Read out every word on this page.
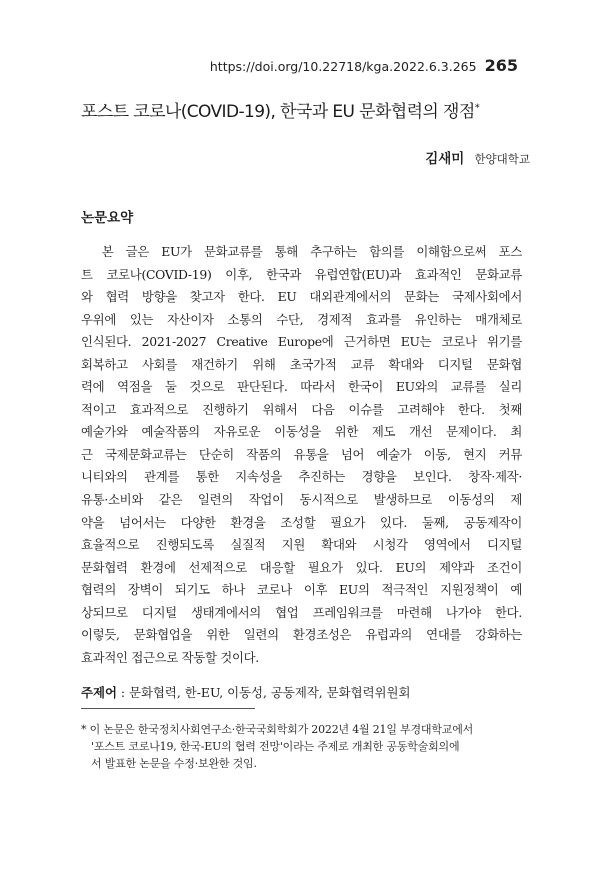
https://doi.org/10.22718/kga.2022.6.3.265 265
포스트 코로나(COVID-19), 한국과 EU 문화협력의 쟁점*
김새미 한양대학교
논문요약
　본 글은 EU가 문화교류를 통해 추구하는 함의를 이해함으로써 포스
트 코로나(COVID-19) 이후, 한국과 유럽연합(EU)과 효과적인 문화교류
와 협력 방향을 찾고자 한다. EU 대외관계에서의 문화는 국제사회에서
우위에 있는 자산이자 소통의 수단, 경제적 효과를 유인하는 매개체로
인식된다. 2021-2027 Creative Europe에 근거하면 EU는 코로나 위기를
회복하고 사회를 재건하기 위해 초국가적 교류 확대와 디지털 문화협
력에 역점을 둘 것으로 판단된다. 따라서 한국이 EU와의 교류를 실리
적이고 효과적으로 진행하기 위해서 다음 이슈를 고려해야 한다. 첫째
예술가와 예술작품의 자유로운 이동성을 위한 제도 개선 문제이다. 최
근 국제문화교류는 단순히 작품의 유통을 넘어 예술가 이동, 현지 커뮤
니티와의 관계를 통한 지속성을 추진하는 경향을 보인다. 창작·제작·
유통·소비와 같은 일련의 작업이 동시적으로 발생하므로 이동성의 제
약을 넘어서는 다양한 환경을 조성할 필요가 있다. 둘째, 공동제작이
효율적으로 진행되도록 실질적 지원 확대와 시청각 영역에서 디지털
문화협력 환경에 선제적으로 대응할 필요가 있다. EU의 제약과 조건이
협력의 장벽이 되기도 하나 코로나 이후 EU의 적극적인 지원정책이 예
상되므로 디지털 생태계에서의 협업 프레임워크를 마련해 나가야 한다.
이렇듯, 문화협업을 위한 일련의 환경조성은 유럽과의 연대를 강화하는
효과적인 접근으로 작동할 것이다.
주제어 : 문화협력, 한-EU, 이동성, 공동제작, 문화협력위원회
* 이 논문은 한국정치사회연구소·한국국회학회가 2022년 4월 21일 부경대학교에서
'포스트 코로나19, 한국-EU의 협력 전망'이라는 주제로 개최한 공동학술회의에
서 발표한 논문을 수정·보완한 것임.
